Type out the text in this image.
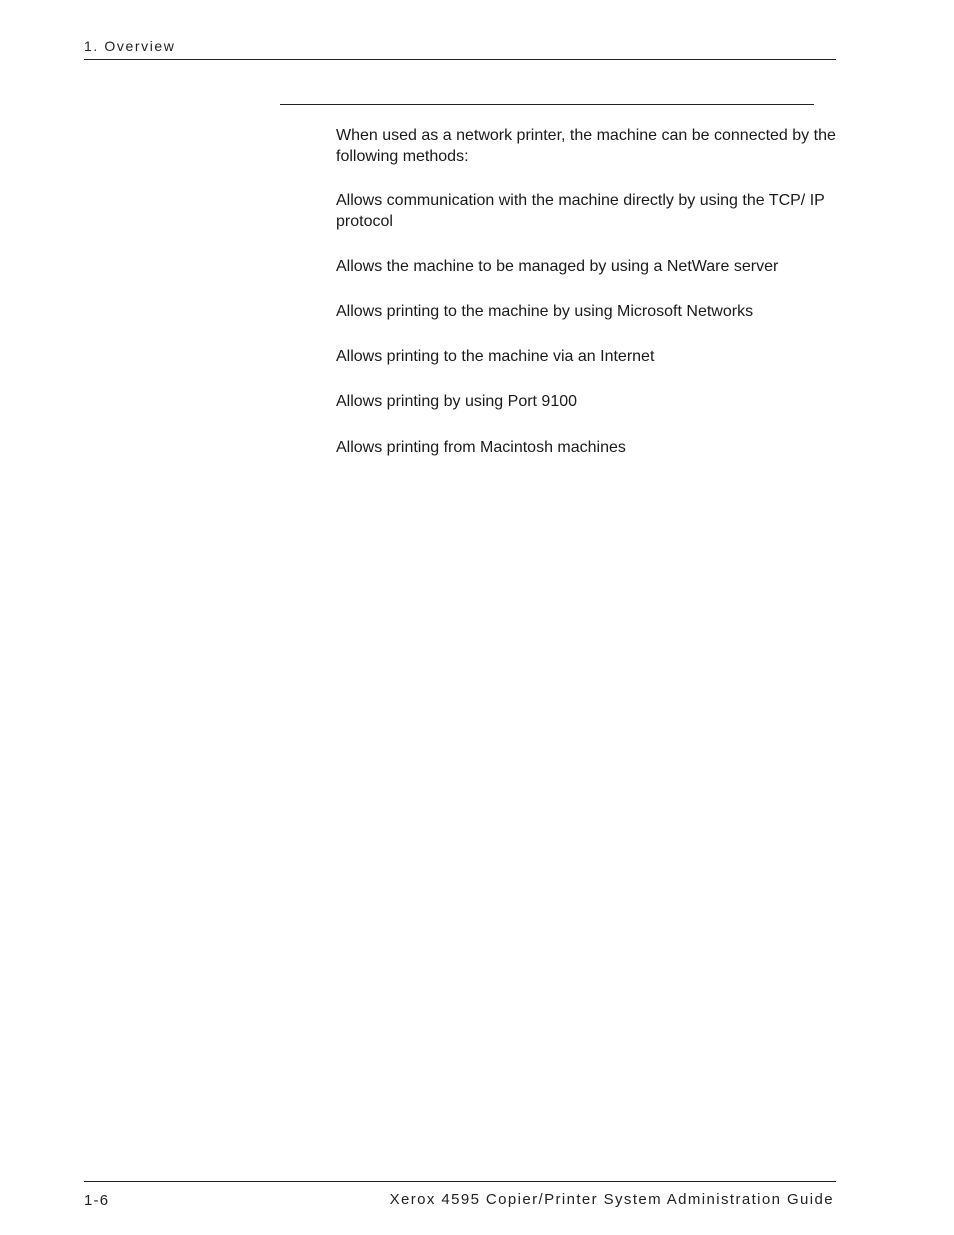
1. Overview

When used as a network printer, the machine can be connected by the following methods:

Allows communication with the machine directly by using the TCP/ IP protocol

Allows the machine to be managed by using a NetWare server

Allows printing to the machine by using Microsoft Networks

Allows printing to the machine via an Internet

Allows printing by using Port 9100

Allows printing from Macintosh machines

1-6	Xerox 4595 Copier/Printer System Administration Guide
